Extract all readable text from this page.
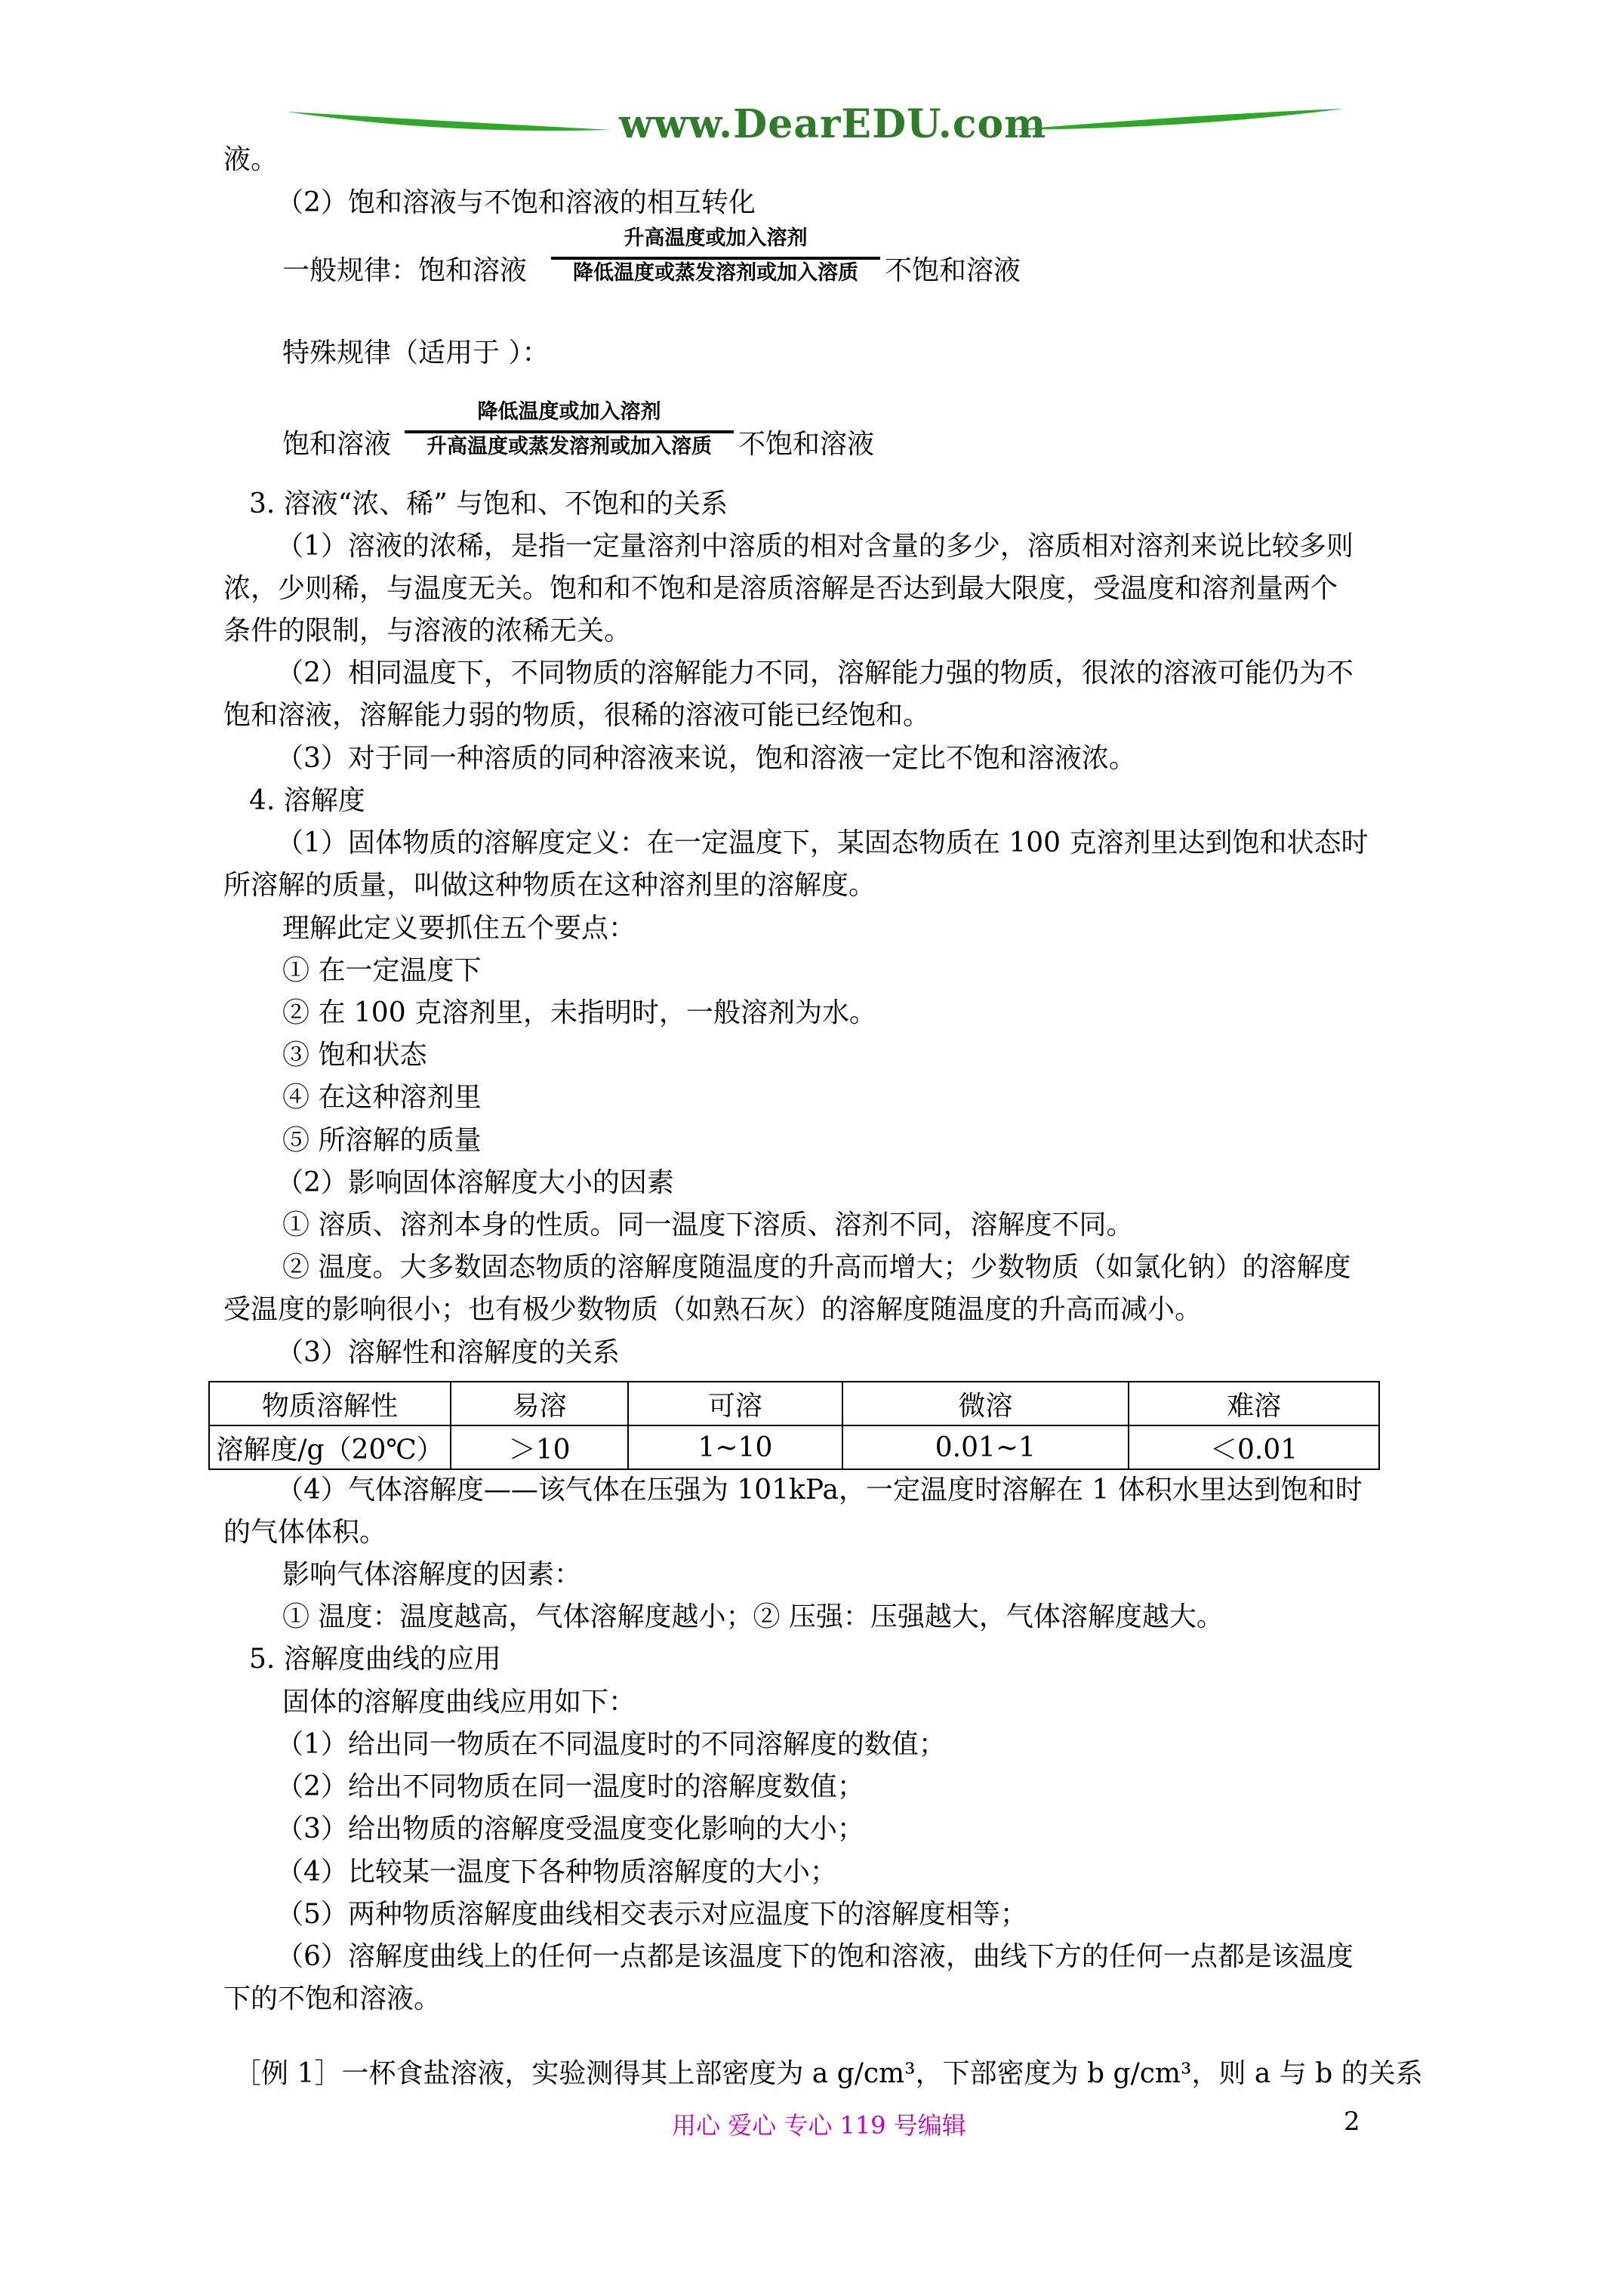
www.DearEDU.com
液。
（2）饱和溶液与不饱和溶液的相互转化
一般规律：饱和溶液
升高温度或加入溶剂
降低温度或蒸发溶剂或加入溶质 不饱和溶液
特殊规律（适用于 ）：
饱和溶液
降低温度或加入溶剂
升高温度或蒸发溶剂或加入溶质 不饱和溶液
3. 溶液“浓、稀” 与饱和、不饱和的关系
（1）溶液的浓稀，是指一定量溶剂中溶质的相对含量的多少，溶质相对溶剂来说比较多则
浓，少则稀，与温度无关。饱和和不饱和是溶质溶解是否达到最大限度，受温度和溶剂量两个
条件的限制，与溶液的浓稀无关。
（2）相同温度下，不同物质的溶解能力不同，溶解能力强的物质，很浓的溶液可能仍为不
饱和溶液，溶解能力弱的物质，很稀的溶液可能已经饱和。
（3）对于同一种溶质的同种溶液来说，饱和溶液一定比不饱和溶液浓。
4. 溶解度
（1）固体物质的溶解度定义：在一定温度下，某固态物质在 100 克溶剂里达到饱和状态时
所溶解的质量，叫做这种物质在这种溶剂里的溶解度。
理解此定义要抓住五个要点：
① 在一定温度下
② 在 100 克溶剂里，未指明时，一般溶剂为水。
③ 饱和状态
④ 在这种溶剂里
⑤ 所溶解的质量
（2）影响固体溶解度大小的因素
① 溶质、溶剂本身的性质。同一温度下溶质、溶剂不同，溶解度不同。
② 温度。大多数固态物质的溶解度随温度的升高而增大；少数物质（如氯化钠）的溶解度
受温度的影响很小；也有极少数物质（如熟石灰）的溶解度随温度的升高而减小。
（3）溶解性和溶解度的关系
物质溶解性	易溶	可溶	微溶	难溶
溶解度/g（20℃）	＞10	1~10	0.01~1	＜0.01
（4）气体溶解度——该气体在压强为 101kPa，一定温度时溶解在 1 体积水里达到饱和时
的气体体积。
影响气体溶解度的因素：
① 温度：温度越高，气体溶解度越小；② 压强：压强越大，气体溶解度越大。
5. 溶解度曲线的应用
固体的溶解度曲线应用如下：
（1）给出同一物质在不同温度时的不同溶解度的数值；
（2）给出不同物质在同一温度时的溶解度数值；
（3）给出物质的溶解度受温度变化影响的大小；
（4）比较某一温度下各种物质溶解度的大小；
（5）两种物质溶解度曲线相交表示对应温度下的溶解度相等；
（6）溶解度曲线上的任何一点都是该温度下的饱和溶液，曲线下方的任何一点都是该温度
下的不饱和溶液。
［例 1］一杯食盐溶液，实验测得其上部密度为 a g/cm³，下部密度为 b g/cm³，则 a 与 b 的关系
用心 爱心 专心 119 号编辑	2
